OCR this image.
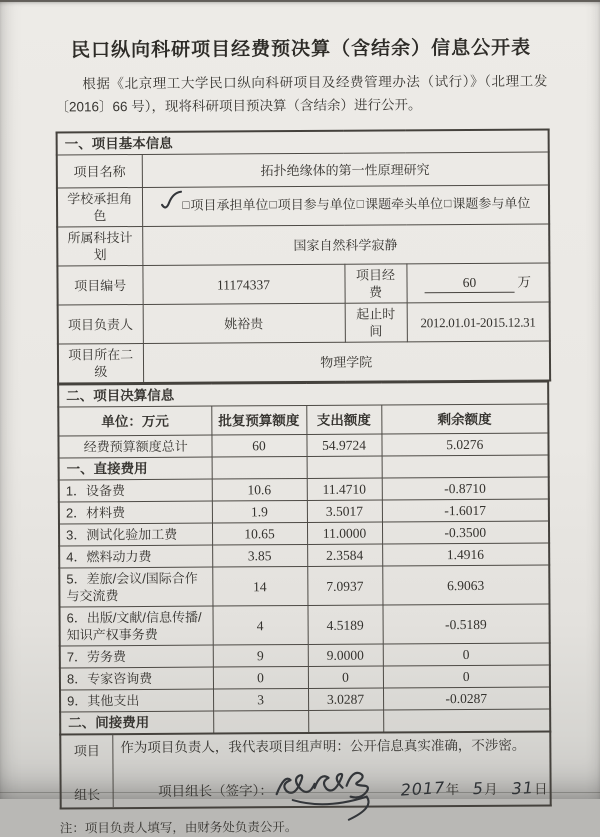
民口纵向科研项目经费预决算（含结余）信息公开表

根据《北京理工大学民口纵向科研项目及经费管理办法（试行）》（北理工发〔2016〕66 号），现将科研项目预决算（含结余）进行公开。

一、项目基本信息			
项目名称	拓扑绝缘体的第一性原理研究		
学校承担角色	□项目承担单位□项目参与单位□课题牵头单位□课题参与单位		
所属科技计划	国家自然科学寂静		
项目编号	11174337	项目经费	60 万
项目负责人	姚裕贵	起止时间	2012.01.01-2015.12.31
项目所在二级	物理学院		
二、项目决算信息			
单位：万元	批复预算额度	支出额度	剩余额度
经费预算额度总计	60	54.9724	5.0276
一、直接费用			
1．设备费	10.6	11.4710	-0.8710
2．材料费	1.9	3.5017	-1.6017
3．测试化验加工费	10.65	11.0000	-0.3500
4．燃料动力费	3.85	2.3584	1.4916
5．差旅/会议/国际合作与交流费	14	7.0937	6.9063
6．出版/文献/信息传播/知识产权事务费	4	4.5189	-0.5189
7．劳务费	9	9.0000	0
8．专家咨询费	0	0	0
9．其他支出	3	3.0287	-0.0287
二、间接费用			
项目
组长
作为项目负责人，我代表项目组声明：公开信息真实准确，不涉密。
项目组长（签字）：	2017 年 5 月 31 日
注：项目负责人填写，由财务处负责公开。
